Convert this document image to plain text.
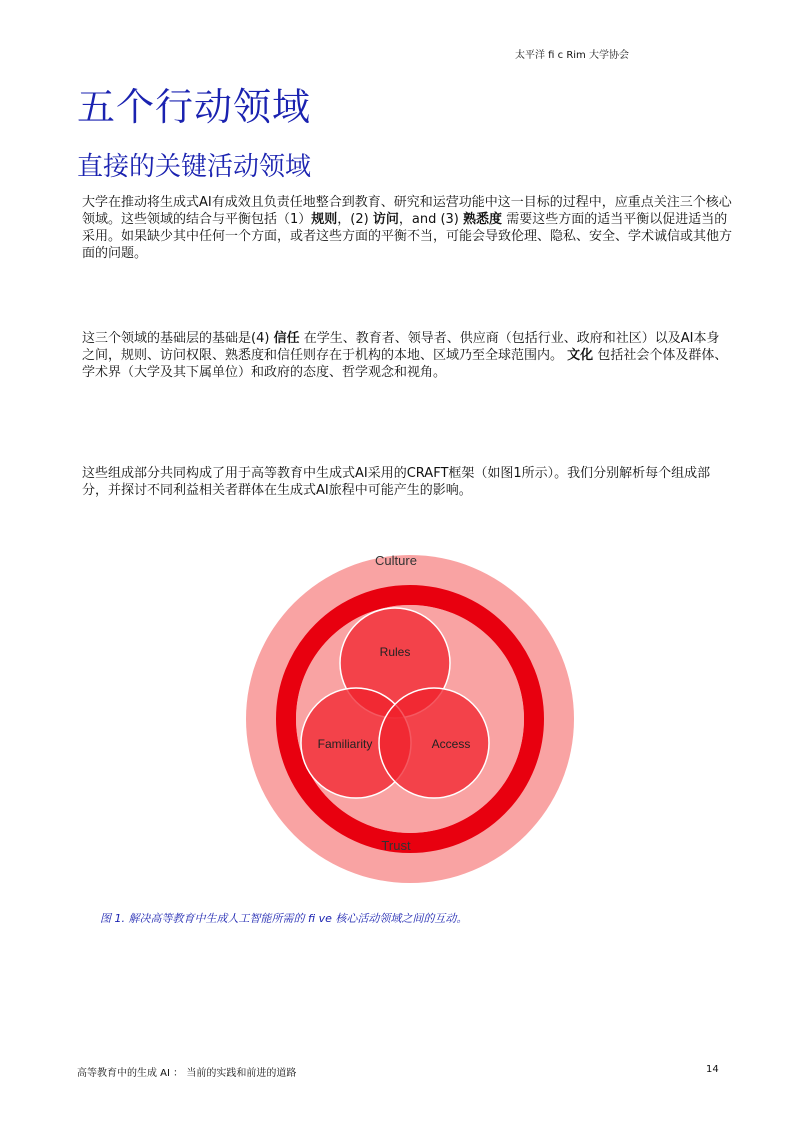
太平洋 fi c Rim 大学协会
五个行动领域
直接的关键活动领域

大学在推动将生成式AI有成效且负责任地整合到教育、研究和运营功能中这一目标的过程中，应重点关注三个核心领域。这些领域的结合与平衡包括（1）规则，(2) 访问，and (3) 熟悉度 需要这些方面的适当平衡以促进适当的采用。如果缺少其中任何一个方面，或者这些方面的平衡不当，可能会导致伦理、隐私、安全、学术诚信或其他方面的问题。

这三个领域的基础层的基础是(4) 信任 在学生、教育者、领导者、供应商（包括行业、政府和社区）以及AI本身之间，规则、访问权限、熟悉度和信任则存在于机构的本地、区域乃至全球范围内。 文化 包括社会个体及群体、学术界（大学及其下属单位）和政府的态度、哲学观念和视角。

这些组成部分共同构成了用于高等教育中生成式AI采用的CRAFT框架（如图1所示）。我们分别解析每个组成部分，并探讨不同利益相关者群体在生成式AI旅程中可能产生的影响。

Culture
Trust
Rules
Familiarity	Access

图 1. 解决高等教育中生成人工智能所需的 fi ve 核心活动领域之间的互动。

高等教育中的生成 AI ： 当前的实践和前进的道路	14
